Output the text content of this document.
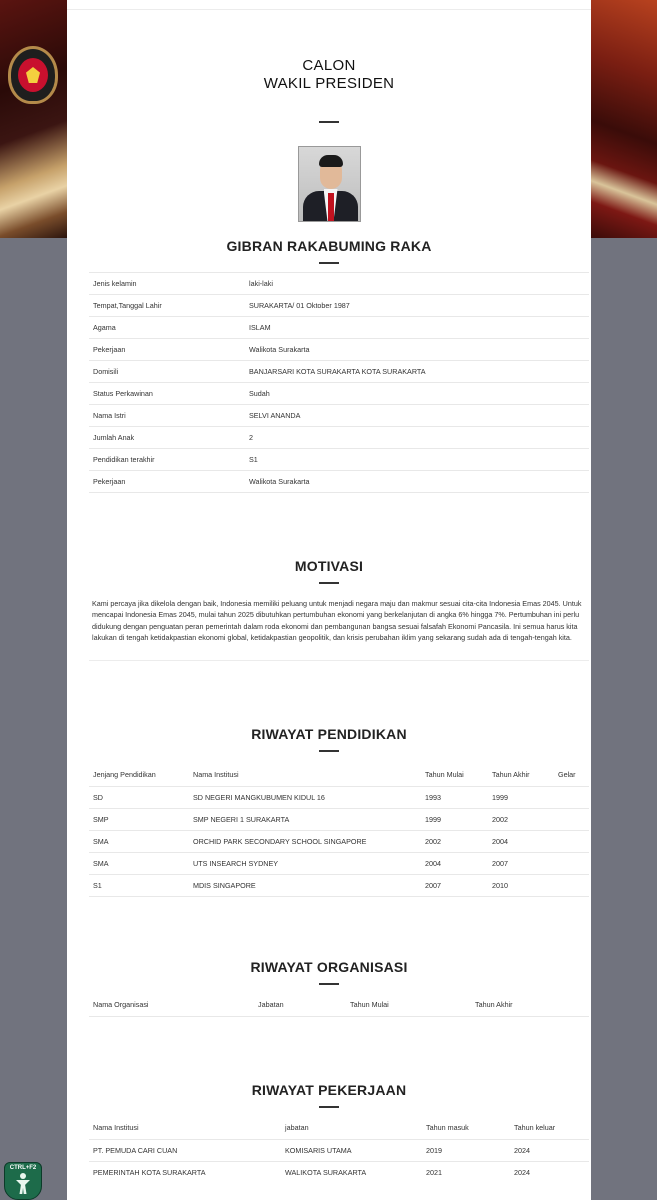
CALON
WAKIL PRESIDEN
GIBRAN RAKABUMING RAKA
Jenis kelamin	laki-laki
Tempat,Tanggal Lahir	SURAKARTA/ 01 Oktober 1987
Agama	ISLAM
Pekerjaan	Walikota Surakarta
Domisili	BANJARSARI KOTA SURAKARTA KOTA SURAKARTA
Status Perkawinan	Sudah
Nama Istri	SELVI ANANDA
Jumlah Anak	2
Pendidikan terakhir	S1
Pekerjaan	Walikota Surakarta

MOTIVASI
Kami percaya jika dikelola dengan baik, Indonesia memiliki peluang untuk menjadi negara maju dan makmur sesuai cita-cita Indonesia Emas 2045. Untuk mencapai Indonesia Emas 2045, mulai tahun 2025 dibutuhkan pertumbuhan ekonomi yang berkelanjutan di angka 6% hingga 7%. Pertumbuhan ini perlu didukung dengan penguatan peran pemerintah dalam roda ekonomi dan pembangunan bangsa sesuai falsafah Ekonomi Pancasila. Ini semua harus kita lakukan di tengah ketidakpastian ekonomi global, ketidakpastian geopolitik, dan krisis perubahan iklim yang sekarang sudah ada di tengah-tengah kita.
RIWAYAT PENDIDIKAN
Jenjang Pendidikan	Nama Institusi	Tahun Mulai	Tahun Akhir	Gelar
SD	SD NEGERI MANGKUBUMEN KIDUL 16	1993	1999	
SMP	SMP NEGERI 1 SURAKARTA	1999	2002	
SMA	ORCHID PARK SECONDARY SCHOOL SINGAPORE	2002	2004	
SMA	UTS INSEARCH SYDNEY	2004	2007	
S1	MDIS SINGAPORE	2007	2010	

RIWAYAT ORGANISASI
Nama Organisasi	Jabatan	Tahun Mulai	Tahun Akhir
RIWAYAT PEKERJAAN
Nama Institusi	jabatan	Tahun masuk	Tahun keluar
PT. PEMUDA CARI CUAN	KOMISARIS UTAMA	2019	2024
PEMERINTAH KOTA SURAKARTA	WALIKOTA SURAKARTA	2021	2024
CTRL+F2
